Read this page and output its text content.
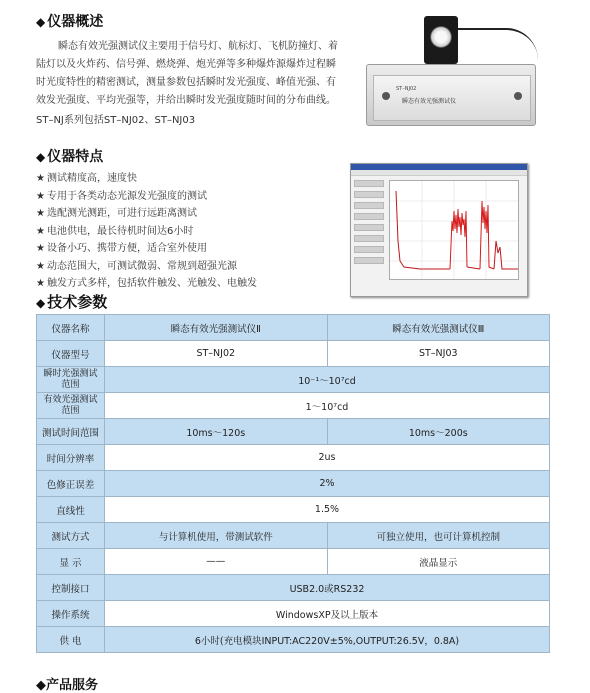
◆ 仪器概述

瞬态有效光强测试仪主要用于信号灯、航标灯、飞机防撞灯、着陆灯以及火炸药、信号弹、燃烧弹、炮光弹等多种爆炸源爆炸过程瞬时光度特性的精密测试，测量参数包括瞬时发光强度、峰值光强、有效发光强度、平均光强等，并给出瞬时发光强度随时间的分布曲线。

ST–NJ系列包括ST–NJ02、ST–NJ03

ST–NJ02
瞬态有效光强测试仪
◆ 仪器特点
★ 测试精度高，速度快
★ 专用于各类动态光源发光强度的测试
★ 选配测光测距，可进行远距离测试
★ 电池供电，最长待机时间达6小时
★ 设备小巧、携带方便，适合室外使用
★ 动态范围大，可测试微弱、常规到超强光源
★ 触发方式多样，包括软件触发、光触发、电触发
◆ 技术参数
仪器名称	瞬态有效光强测试仪Ⅱ	瞬态有效光强测试仪Ⅲ
仪器型号	ST–NJ02	ST–NJ03
瞬时光强测试范围	10⁻¹～10⁷cd	
有效光强测试范围	1～10⁷cd	
测试时间范围	10ms～120s	10ms～200s
时间分辨率	2us	
色修正误差	2%	
直线性	1.5%	
测试方式	与计算机使用，带测试软件	可独立使用，也可计算机控制
显 示	——	液晶显示
控制接口	USB2.0或RS232	
操作系统	WindowsXP及以上版本	
供 电	6小时(充电模块INPUT:AC220V±5%,OUTPUT:26.5V，0.8A)	
◆产品服务
